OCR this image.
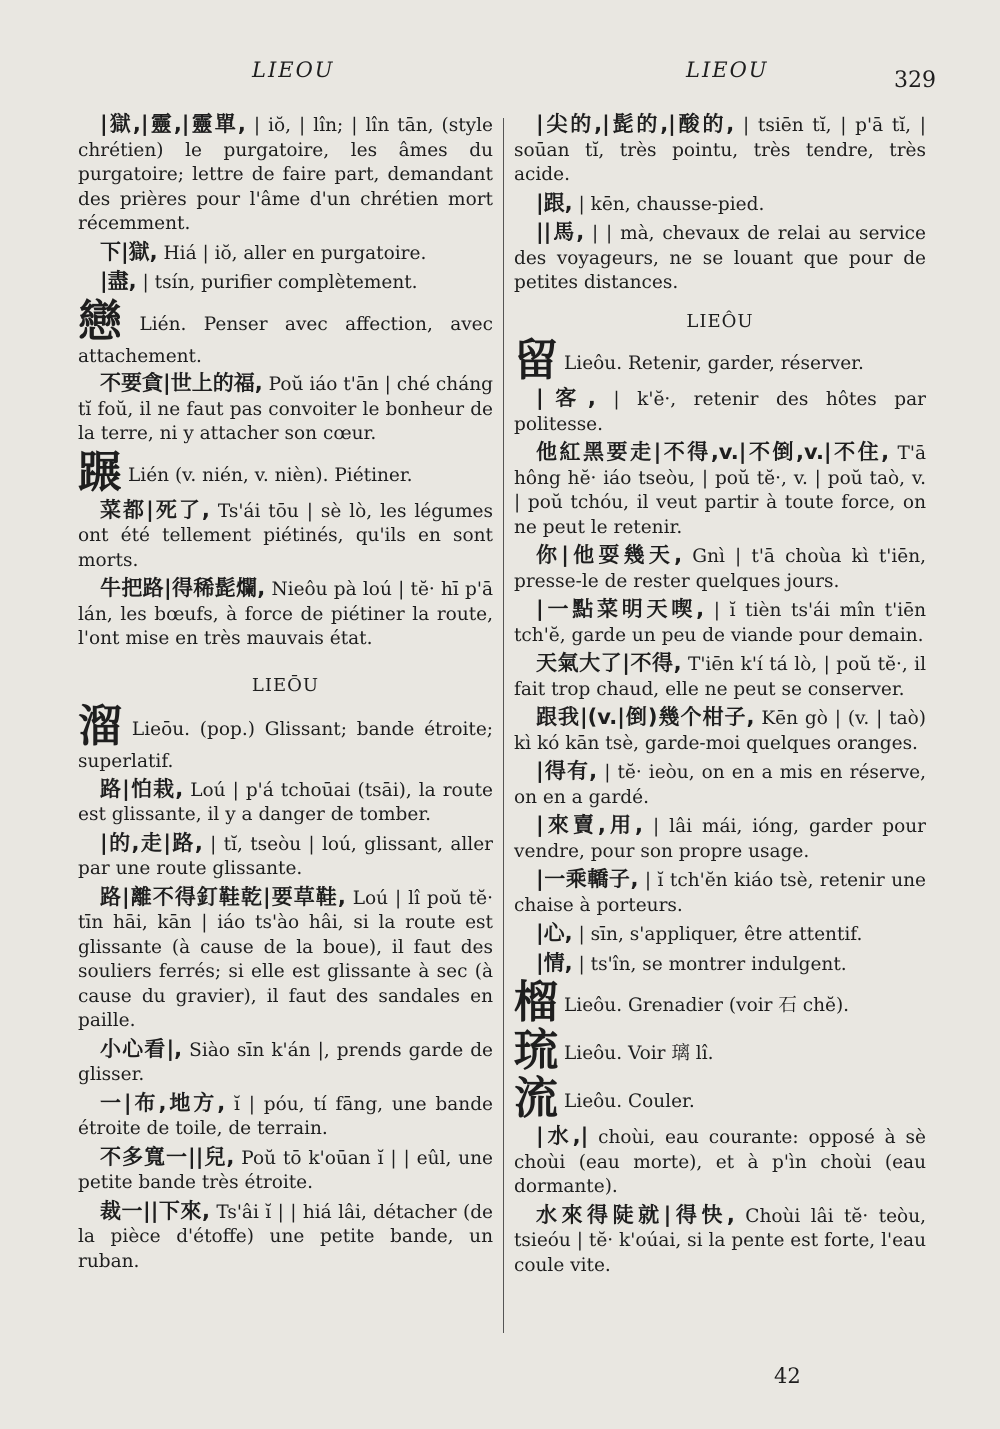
LIEOU	LIEOU	329

|獄,|靈,|靈單, | iŏ, | lîn; | lîn tān, (style chrétien) le purgatoire, les âmes du purgatoire; lettre de faire part, demandant des prières pour l'âme d'un chrétien mort récemment.

下|獄, Hiá | iŏ, aller en purgatoire.

|盡, | tsín, purifier complètement.

戀 Lién. Penser avec affection, avec attachement.

不要貪|世上的福, Poŭ iáo t'ān | ché cháng tĭ foŭ, il ne faut pas convoiter le bonheur de la terre, ni y attacher son cœur.

蹍 Lién (v. nién, v. nièn). Piétiner.

菜都|死了, Ts'ái tōu | sè lò, les légumes ont été tellement piétinés, qu'ils en sont morts.

牛把路|得稀髭爛, Nieôu pà loú | tĕ· hī p'ā lán, les bœufs, à force de piétiner la route, l'ont mise en très mauvais état.

LIEŌU

溜 Lieōu. (pop.) Glissant; bande étroite; superlatif.

路|怕栽, Loú | p'á tchoūai (tsāi), la route est glissante, il y a danger de tomber.

|的,走|路, | tĭ, tseòu | loú, glissant, aller par une route glissante.

路|離不得釘鞋乾|要草鞋, Loú | lî poŭ tĕ· tīn hāi, kān | iáo ts'ào hâi, si la route est glissante (à cause de la boue), il faut des souliers ferrés; si elle est glissante à sec (à cause du gravier), il faut des sandales en paille.

小心看|, Siào sīn k'án |, prends garde de glisser.

一|布,地方, ĭ | póu, tí fāng, une bande étroite de toile, de terrain.

不多寬一||兒, Poŭ tō k'oūan ĭ | | eûl, une petite bande très étroite.

裁一||下來, Ts'âi ĭ | | hiá lâi, détacher (de la pièce d'étoffe) une petite bande, un ruban.

|尖的,|髭的,|酸的, | tsiēn tĭ, | p'ā tĭ, | soūan tĭ, très pointu, très tendre, très acide.

|跟, | kēn, chausse-pied.

||馬, | | mà, chevaux de relai au service des voyageurs, ne se louant que pour de petites distances.

LIEÔU

留 Lieôu. Retenir, garder, réserver.

|客, | k'ĕ·, retenir des hôtes par politesse.

他紅黑要走|不得,v.|不倒,v.|不住, T'ā hông hĕ· iáo tseòu, | poŭ tĕ·, v. | poŭ taò, v. | poŭ tchóu, il veut partir à toute force, on ne peut le retenir.

你|他耍幾天, Gnì | t'ā choùa kì t'iēn, presse-le de rester quelques jours.

|一點菜明天喫, | ĭ tièn ts'ái mîn t'iēn tch'ĕ, garde un peu de viande pour demain.

天氣大了|不得, T'iēn k'í tá lò, | poŭ tĕ·, il fait trop chaud, elle ne peut se conserver.

跟我|(v.|倒)幾个柑子, Kēn gò | (v. | taò) kì kó kān tsè, garde-moi quelques oranges.

|得有, | tĕ· ieòu, on en a mis en réserve, on en a gardé.

|來賣,用, | lâi mái, ióng, garder pour vendre, pour son propre usage.

|一乘轎子, | ĭ tch'ĕn kiáo tsè, retenir une chaise à porteurs.

|心, | sīn, s'appliquer, être attentif.

|情, | ts'în, se montrer indulgent.

榴 Lieôu. Grenadier (voir 石 chĕ).

琉 Lieôu. Voir 璃 lî.

流 Lieôu. Couler.

|水,| choùi, eau courante: opposé à sè choùi (eau morte), et à p'ìn choùi (eau dormante).

水來得陡就|得快, Choùi lâi tĕ· teòu, tsieóu | tĕ· k'oúai, si la pente est forte, l'eau coule vite.

42
